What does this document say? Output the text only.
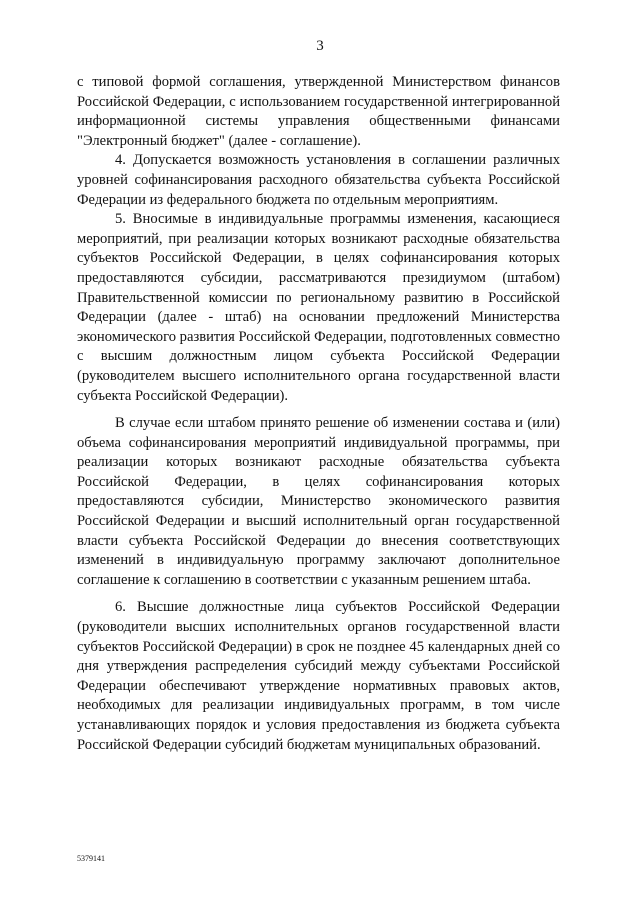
3

с типовой формой соглашения, утвержденной Министерством финансов Российской Федерации, с использованием государственной интегрированной информационной системы управления общественными финансами "Электронный бюджет" (далее - соглашение).

4. Допускается возможность установления в соглашении различных уровней софинансирования расходного обязательства субъекта Российской Федерации из федерального бюджета по отдельным мероприятиям.

5. Вносимые в индивидуальные программы изменения, касающиеся мероприятий, при реализации которых возникают расходные обязательства субъектов Российской Федерации, в целях софинансирования которых предоставляются субсидии, рассматриваются президиумом (штабом) Правительственной комиссии по региональному развитию в Российской Федерации (далее - штаб) на основании предложений Министерства экономического развития Российской Федерации, подготовленных совместно с высшим должностным лицом субъекта Российской Федерации (руководителем высшего исполнительного органа государственной власти субъекта Российской Федерации).

В случае если штабом принято решение об изменении состава и (или) объема софинансирования мероприятий индивидуальной программы, при реализации которых возникают расходные обязательства субъекта Российской Федерации, в целях софинансирования которых предоставляются субсидии, Министерство экономического развития Российской Федерации и высший исполнительный орган государственной власти субъекта Российской Федерации до внесения соответствующих изменений в индивидуальную программу заключают дополнительное соглашение к соглашению в соответствии с указанным решением штаба.

6. Высшие должностные лица субъектов Российской Федерации (руководители высших исполнительных органов государственной власти субъектов Российской Федерации) в срок не позднее 45 календарных дней со дня утверждения распределения субсидий между субъектами Российской Федерации обеспечивают утверждение нормативных правовых актов, необходимых для реализации индивидуальных программ, в том числе устанавливающих порядок и условия предоставления из бюджета субъекта Российской Федерации субсидий бюджетам муниципальных образований.

5379141
